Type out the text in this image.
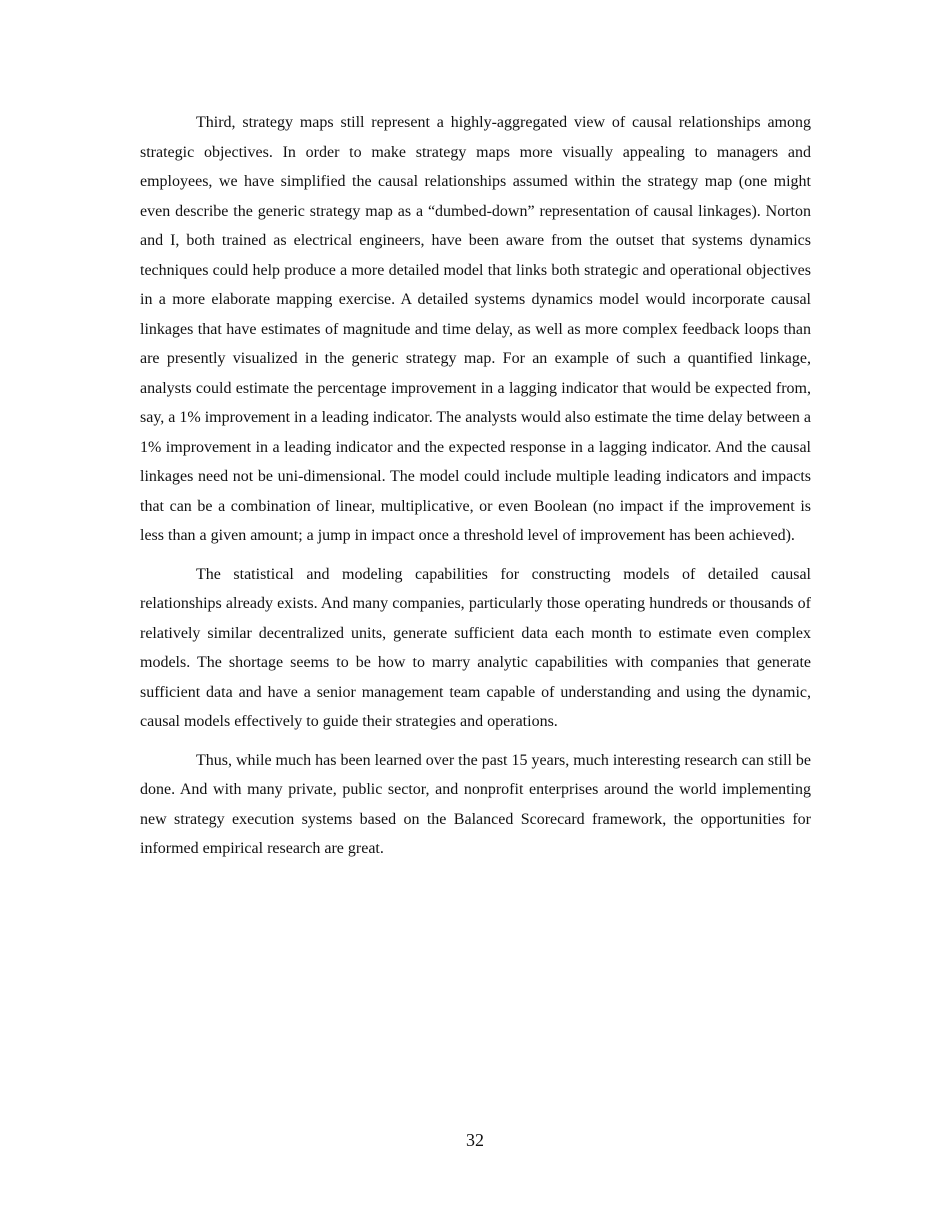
Third, strategy maps still represent a highly-aggregated view of causal relationships among strategic objectives. In order to make strategy maps more visually appealing to managers and employees, we have simplified the causal relationships assumed within the strategy map (one might even describe the generic strategy map as a “dumbed-down” representation of causal linkages). Norton and I, both trained as electrical engineers, have been aware from the outset that systems dynamics techniques could help produce a more detailed model that links both strategic and operational objectives in a more elaborate mapping exercise. A detailed systems dynamics model would incorporate causal linkages that have estimates of magnitude and time delay, as well as more complex feedback loops than are presently visualized in the generic strategy map. For an example of such a quantified linkage, analysts could estimate the percentage improvement in a lagging indicator that would be expected from, say, a 1% improvement in a leading indicator. The analysts would also estimate the time delay between a 1% improvement in a leading indicator and the expected response in a lagging indicator. And the causal linkages need not be uni-dimensional. The model could include multiple leading indicators and impacts that can be a combination of linear, multiplicative, or even Boolean (no impact if the improvement is less than a given amount; a jump in impact once a threshold level of improvement has been achieved).

The statistical and modeling capabilities for constructing models of detailed causal relationships already exists. And many companies, particularly those operating hundreds or thousands of relatively similar decentralized units, generate sufficient data each month to estimate even complex models. The shortage seems to be how to marry analytic capabilities with companies that generate sufficient data and have a senior management team capable of understanding and using the dynamic, causal models effectively to guide their strategies and operations.

Thus, while much has been learned over the past 15 years, much interesting research can still be done. And with many private, public sector, and nonprofit enterprises around the world implementing new strategy execution systems based on the Balanced Scorecard framework, the opportunities for informed empirical research are great.

32
